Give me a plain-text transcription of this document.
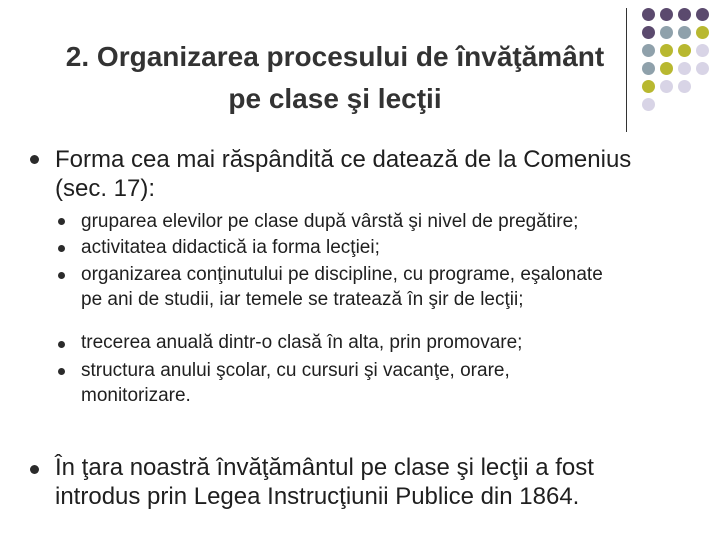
2. Organizarea procesului de învăţământ
pe clase şi lecţii

Forma cea mai răspândită ce datează de la Comenius

(sec. 17):

gruparea elevilor pe clase după vârstă şi nivel de pregătire;

activitatea didactică ia forma lecţiei;

organizarea conţinutului pe discipline, cu programe, eşalonate

pe ani de studii, iar temele se tratează în şir de lecţii;

trecerea anuală dintr-o clasă în alta, prin promovare;

structura anului şcolar, cu cursuri şi vacanţe, orare,

monitorizare.

În ţara noastră învăţământul pe clase şi lecţii a fost

introdus prin Legea Instrucţiunii Publice din 1864.
